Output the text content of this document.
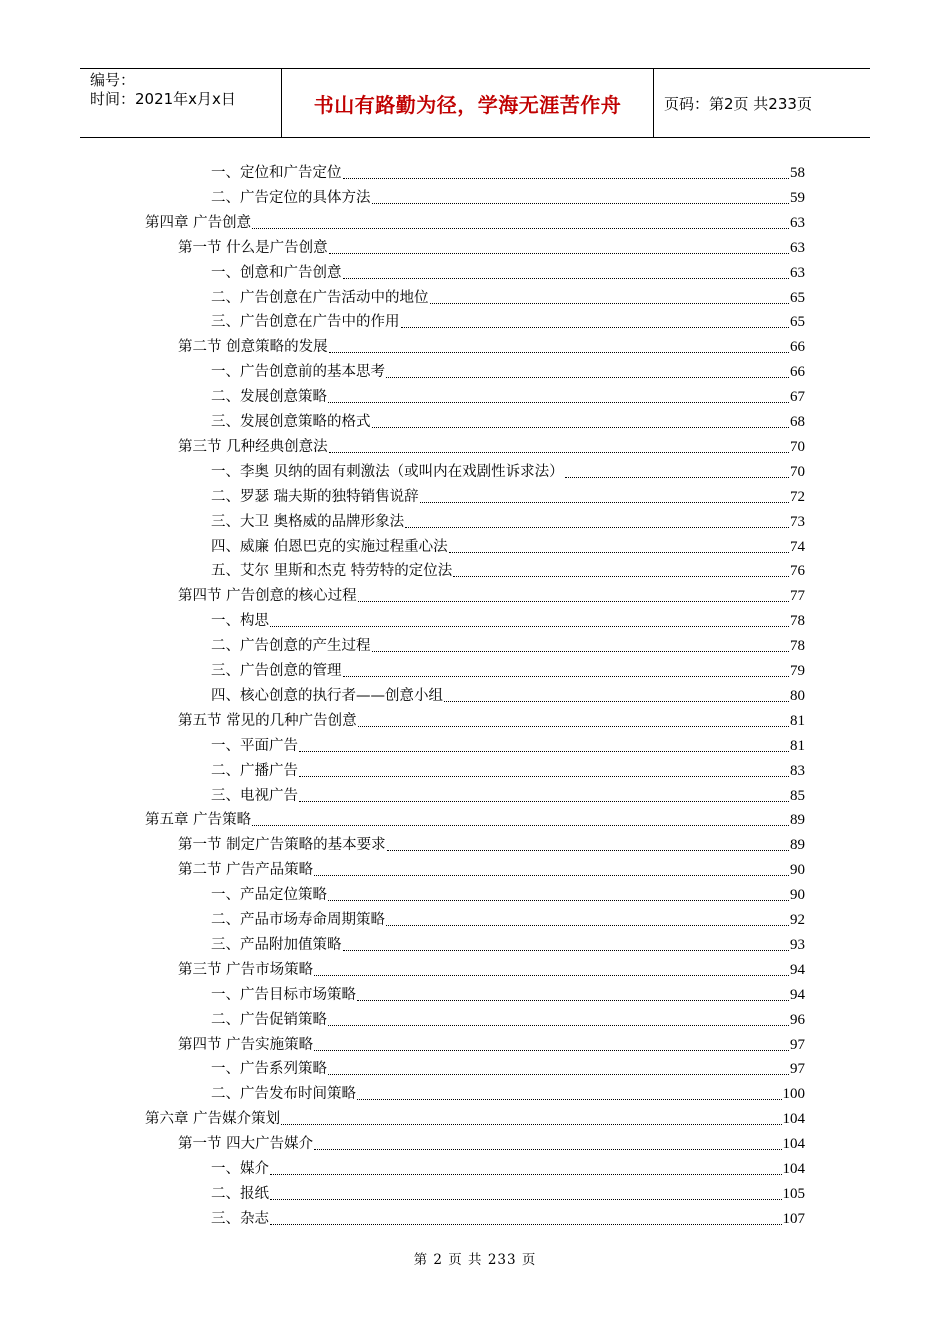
编号：
时间：2021年x月x日	书山有路勤为径，学海无涯苦作舟	页码：第2页 共233页
一、定位和广告定位	58
二、广告定位的具体方法	59
第四章 广告创意	63
第一节 什么是广告创意	63
一、创意和广告创意	63
二、广告创意在广告活动中的地位	65
三、广告创意在广告中的作用	65
第二节 创意策略的发展	66
一、广告创意前的基本思考	66
二、发展创意策略	67
三、发展创意策略的格式	68
第三节 几种经典创意法	70
一、李奥 贝纳的固有刺激法（或叫内在戏剧性诉求法）	70
二、罗瑟 瑞夫斯的独特销售说辞	72
三、大卫 奥格威的品牌形象法	73
四、威廉 伯恩巴克的实施过程重心法	74
五、艾尔 里斯和杰克 特劳特的定位法	76
第四节 广告创意的核心过程	77
一、构思	78
二、广告创意的产生过程	78
三、广告创意的管理	79
四、核心创意的执行者——创意小组	80
第五节 常见的几种广告创意	81
一、平面广告	81
二、广播广告	83
三、电视广告	85
第五章 广告策略	89
第一节 制定广告策略的基本要求	89
第二节 广告产品策略	90
一、产品定位策略	90
二、产品市场寿命周期策略	92
三、产品附加值策略	93
第三节 广告市场策略	94
一、广告目标市场策略	94
二、广告促销策略	96
第四节 广告实施策略	97
一、广告系列策略	97
二、广告发布时间策略	100
第六章 广告媒介策划	104
第一节 四大广告媒介	104
一、媒介	104
二、报纸	105
三、杂志	107
第 2 页 共 233 页
